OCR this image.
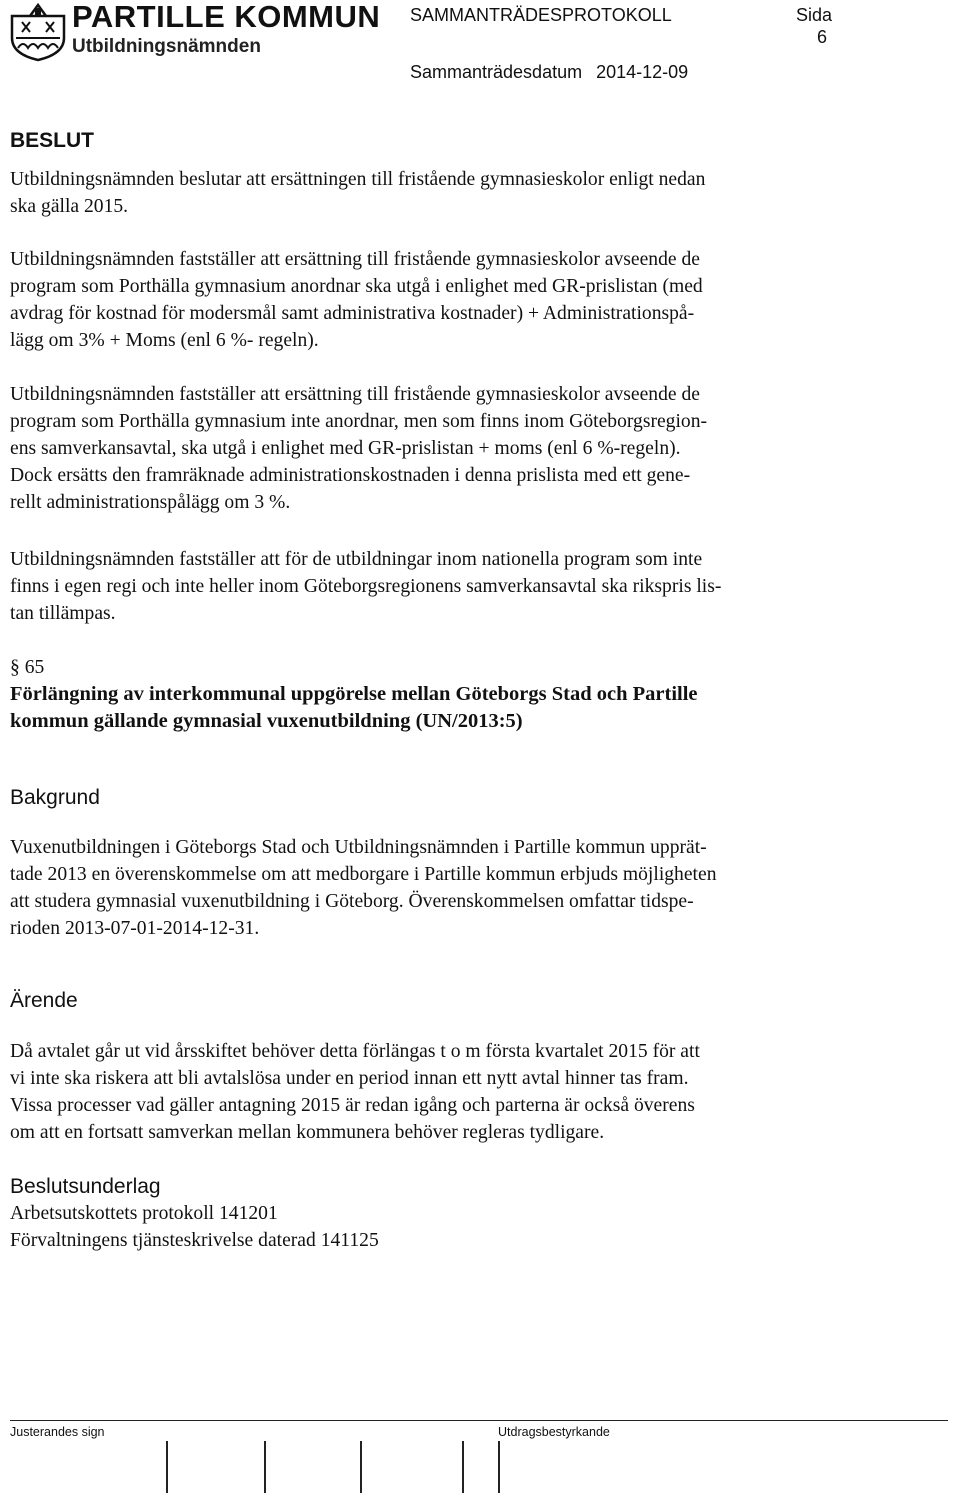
PARTILLE KOMMUN
Utbildningsnämnden
SAMMANTRÄDESPROTOKOLL	Sida
6
Sammanträdesdatum 2014-12-09
BESLUT
Utbildningsnämnden beslutar att ersättningen till fristående gymnasieskolor enligt nedan
ska gälla 2015.
Utbildningsnämnden fastställer att ersättning till fristående gymnasieskolor avseende de
program som Porthälla gymnasium anordnar ska utgå i enlighet med GR-prislistan (med
avdrag för kostnad för modersmål samt administrativa kostnader) + Administrationspå-
lägg om 3% + Moms (enl 6 %- regeln).
Utbildningsnämnden fastställer att ersättning till fristående gymnasieskolor avseende de
program som Porthälla gymnasium inte anordnar, men som finns inom Göteborgsregion-
ens samverkansavtal, ska utgå i enlighet med GR-prislistan + moms (enl 6 %-regeln).
Dock ersätts den framräknade administrationskostnaden i denna prislista med ett gene-
rellt administrationspålägg om 3 %.
Utbildningsnämnden fastställer att för de utbildningar inom nationella program som inte
finns i egen regi och inte heller inom Göteborgsregionens samverkansavtal ska rikspris lis-
tan tillämpas.
§ 65
Förlängning av interkommunal uppgörelse mellan Göteborgs Stad och Partille
kommun gällande gymnasial vuxenutbildning (UN/2013:5)
Bakgrund
Vuxenutbildningen i Göteborgs Stad och Utbildningsnämnden i Partille kommun upprät-
tade 2013 en överenskommelse om att medborgare i Partille kommun erbjuds möjligheten
att studera gymnasial vuxenutbildning i Göteborg. Överenskommelsen omfattar tidspe-
rioden 2013-07-01-2014-12-31.
Ärende
Då avtalet går ut vid årsskiftet behöver detta förlängas t o m första kvartalet 2015 för att
vi inte ska riskera att bli avtalslösa under en period innan ett nytt avtal hinner tas fram.
Vissa processer vad gäller antagning 2015 är redan igång och parterna är också överens
om att en fortsatt samverkan mellan kommunera behöver regleras tydligare.
Beslutsunderlag
Arbetsutskottets protokoll 141201
Förvaltningens tjänsteskrivelse daterad 141125
Justerandes sign	Utdragsbestyrkande
